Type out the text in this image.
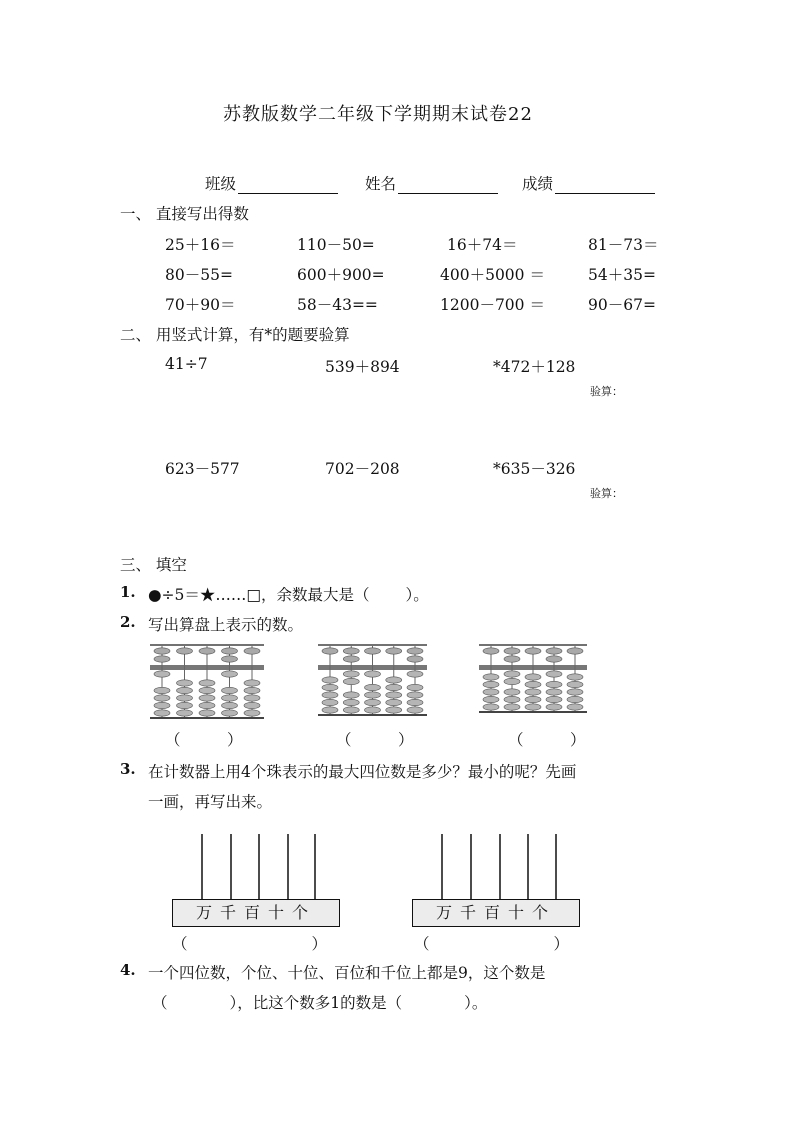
苏教版数学二年级下学期期末试卷22
班级	姓名	成绩
一、 直接写出得数
25＋16＝	110－50=	16＋74＝	81－73＝
80－55=	600＋900=	400＋5000 ＝	54＋35=
70＋90＝	58－43==	1200－700 ＝	90－67=
二、 用竖式计算，有*的题要验算
41÷7	539＋894	*472＋128
验算：
623－577	702－208	*635－326
验算：
三、 填空
1. ●÷5＝★……□，余数最大是（　　 ）。
2. 写出算盘上表示的数。
（　　　）	（　　　）	（　　　）
3. 在计数器上用4个珠表示的最大四位数是多少？最小的呢？先画
一画，再写出来。
万千百十个	万千百十个
（　　　　　　　　）	（　　　　　　　　）
4. 一个四位数，个位、十位、百位和千位上都是9，这个数是
（　　　　），比这个数多1的数是（　　　　）。
